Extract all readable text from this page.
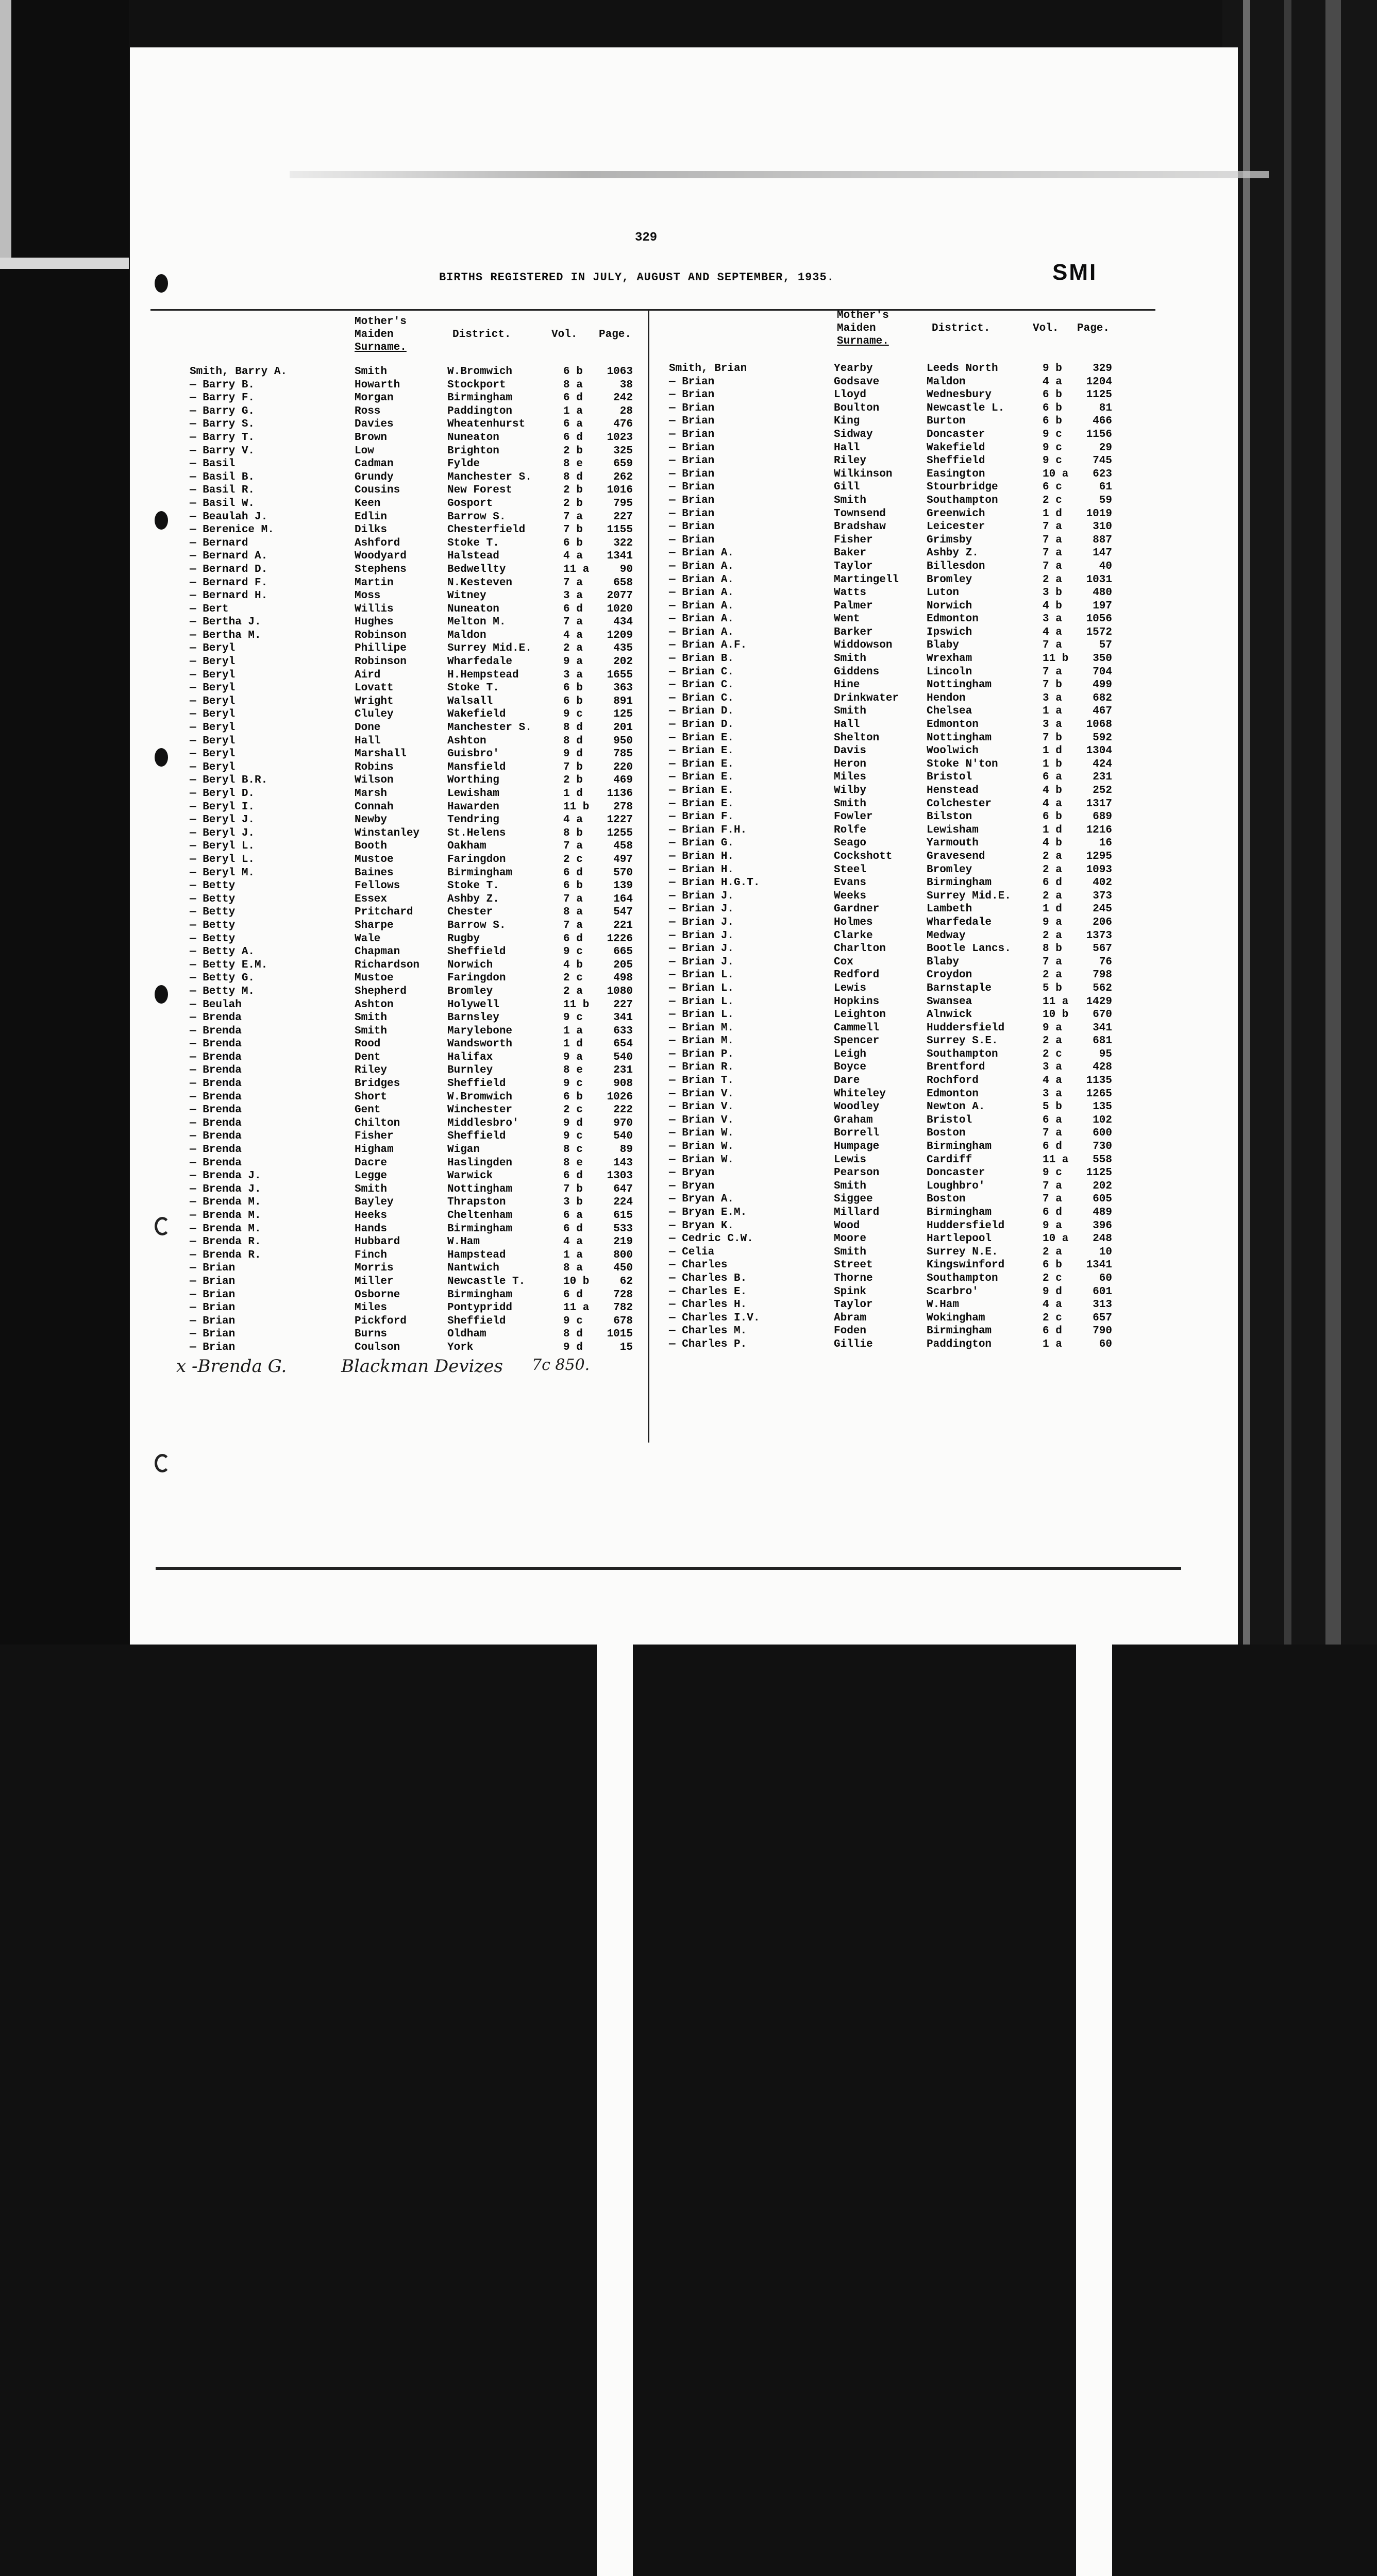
329
BIRTHS REGISTERED IN JULY, AUGUST AND SEPTEMBER, 1935.	SMI
Mother's
Maiden
Surname.
District.	Vol. Page.
Mother's
Maiden
Surname.
District.	Vol. Page.
Smith, Barry A.	Smith	W.Bromwich	6 b	1063
— Barry B.	Howarth	Stockport	8 a	38
— Barry F.	Morgan	Birmingham	6 d	242
— Barry G.	Ross	Paddington	1 a	28
— Barry S.	Davies	Wheatenhurst	6 a	476
— Barry T.	Brown	Nuneaton	6 d	1023
— Barry V.	Low	Brighton	2 b	325
— Basil	Cadman	Fylde	8 e	659
— Basil B.	Grundy	Manchester S.	8 d	262
— Basil R.	Cousins	New Forest	2 b	1016
— Basil W.	Keen	Gosport	2 b	795
— Beaulah J.	Edlin	Barrow S.	7 a	227
— Berenice M.	Dilks	Chesterfield	7 b	1155
— Bernard	Ashford	Stoke T.	6 b	322
— Bernard A.	Woodyard	Halstead	4 a	1341
— Bernard D.	Stephens	Bedwellty	11 a	90
— Bernard F.	Martin	N.Kesteven	7 a	658
— Bernard H.	Moss	Witney	3 a	2077
— Bert	Willis	Nuneaton	6 d	1020
— Bertha J.	Hughes	Melton M.	7 a	434
— Bertha M.	Robinson	Maldon	4 a	1209
— Beryl	Phillipe	Surrey Mid.E.	2 a	435
— Beryl	Robinson	Wharfedale	9 a	202
— Beryl	Aird	H.Hempstead	3 a	1655
— Beryl	Lovatt	Stoke T.	6 b	363
— Beryl	Wright	Walsall	6 b	891
— Beryl	Cluley	Wakefield	9 c	125
— Beryl	Done	Manchester S.	8 d	201
— Beryl	Hall	Ashton	8 d	950
— Beryl	Marshall	Guisbro'	9 d	785
— Beryl	Robins	Mansfield	7 b	220
— Beryl B.R.	Wilson	Worthing	2 b	469
— Beryl D.	Marsh	Lewisham	1 d	1136
— Beryl I.	Connah	Hawarden	11 b	278
— Beryl J.	Newby	Tendring	4 a	1227
— Beryl J.	Winstanley	St.Helens	8 b	1255
— Beryl L.	Booth	Oakham	7 a	458
— Beryl L.	Mustoe	Faringdon	2 c	497
— Beryl M.	Baines	Birmingham	6 d	570
— Betty	Fellows	Stoke T.	6 b	139
— Betty	Essex	Ashby Z.	7 a	164
— Betty	Pritchard	Chester	8 a	547
— Betty	Sharpe	Barrow S.	7 a	221
— Betty	Wale	Rugby	6 d	1226
— Betty A.	Chapman	Sheffield	9 c	665
— Betty E.M.	Richardson	Norwich	4 b	205
— Betty G.	Mustoe	Faringdon	2 c	498
— Betty M.	Shepherd	Bromley	2 a	1080
— Beulah	Ashton	Holywell	11 b	227
— Brenda	Smith	Barnsley	9 c	341
— Brenda	Smith	Marylebone	1 a	633
— Brenda	Rood	Wandsworth	1 d	654
— Brenda	Dent	Halifax	9 a	540
— Brenda	Riley	Burnley	8 e	231
— Brenda	Bridges	Sheffield	9 c	908
— Brenda	Short	W.Bromwich	6 b	1026
— Brenda	Gent	Winchester	2 c	222
— Brenda	Chilton	Middlesbro'	9 d	970
— Brenda	Fisher	Sheffield	9 c	540
— Brenda	Higham	Wigan	8 c	89
— Brenda	Dacre	Haslingden	8 e	143
— Brenda J.	Legge	Warwick	6 d	1303
— Brenda J.	Smith	Nottingham	7 b	647
— Brenda M.	Bayley	Thrapston	3 b	224
— Brenda M.	Heeks	Cheltenham	6 a	615
— Brenda M.	Hands	Birmingham	6 d	533
— Brenda R.	Hubbard	W.Ham	4 a	219
— Brenda R.	Finch	Hampstead	1 a	800
— Brian	Morris	Nantwich	8 a	450
— Brian	Miller	Newcastle T.	10 b	62
— Brian	Osborne	Birmingham	6 d	728
— Brian	Miles	Pontypridd	11 a	782
— Brian	Pickford	Sheffield	9 c	678
— Brian	Burns	Oldham	8 d	1015
— Brian	Coulson	York	9 d	15
Smith, Brian	Yearby	Leeds North	9 b	329
— Brian	Godsave	Maldon	4 a	1204
— Brian	Lloyd	Wednesbury	6 b	1125
— Brian	Boulton	Newcastle L.	6 b	81
— Brian	King	Burton	6 b	466
— Brian	Sidway	Doncaster	9 c	1156
— Brian	Hall	Wakefield	9 c	29
— Brian	Riley	Sheffield	9 c	745
— Brian	Wilkinson	Easington	10 a	623
— Brian	Gill	Stourbridge	6 c	61
— Brian	Smith	Southampton	2 c	59
— Brian	Townsend	Greenwich	1 d	1019
— Brian	Bradshaw	Leicester	7 a	310
— Brian	Fisher	Grimsby	7 a	887
— Brian A.	Baker	Ashby Z.	7 a	147
— Brian A.	Taylor	Billesdon	7 a	40
— Brian A.	Martingell	Bromley	2 a	1031
— Brian A.	Watts	Luton	3 b	480
— Brian A.	Palmer	Norwich	4 b	197
— Brian A.	Went	Edmonton	3 a	1056
— Brian A.	Barker	Ipswich	4 a	1572
— Brian A.F.	Widdowson	Blaby	7 a	57
— Brian B.	Smith	Wrexham	11 b	350
— Brian C.	Giddens	Lincoln	7 a	704
— Brian C.	Hine	Nottingham	7 b	499
— Brian C.	Drinkwater	Hendon	3 a	682
— Brian D.	Smith	Chelsea	1 a	467
— Brian D.	Hall	Edmonton	3 a	1068
— Brian E.	Shelton	Nottingham	7 b	592
— Brian E.	Davis	Woolwich	1 d	1304
— Brian E.	Heron	Stoke N'ton	1 b	424
— Brian E.	Miles	Bristol	6 a	231
— Brian E.	Wilby	Henstead	4 b	252
— Brian E.	Smith	Colchester	4 a	1317
— Brian F.	Fowler	Bilston	6 b	689
— Brian F.H.	Rolfe	Lewisham	1 d	1216
— Brian G.	Seago	Yarmouth	4 b	16
— Brian H.	Cockshott	Gravesend	2 a	1295
— Brian H.	Steel	Bromley	2 a	1093
— Brian H.G.T.	Evans	Birmingham	6 d	402
— Brian J.	Weeks	Surrey Mid.E.	2 a	373
— Brian J.	Gardner	Lambeth	1 d	245
— Brian J.	Holmes	Wharfedale	9 a	206
— Brian J.	Clarke	Medway	2 a	1373
— Brian J.	Charlton	Bootle Lancs.	8 b	567
— Brian J.	Cox	Blaby	7 a	76
— Brian L.	Redford	Croydon	2 a	798
— Brian L.	Lewis	Barnstaple	5 b	562
— Brian L.	Hopkins	Swansea	11 a	1429
— Brian L.	Leighton	Alnwick	10 b	670
— Brian M.	Cammell	Huddersfield	9 a	341
— Brian M.	Spencer	Surrey S.E.	2 a	681
— Brian P.	Leigh	Southampton	2 c	95
— Brian R.	Boyce	Brentford	3 a	428
— Brian T.	Dare	Rochford	4 a	1135
— Brian V.	Whiteley	Edmonton	3 a	1265
— Brian V.	Woodley	Newton A.	5 b	135
— Brian V.	Graham	Bristol	6 a	102
— Brian W.	Borrell	Boston	7 a	600
— Brian W.	Humpage	Birmingham	6 d	730
— Brian W.	Lewis	Cardiff	11 a	558
— Bryan	Pearson	Doncaster	9 c	1125
— Bryan	Smith	Loughbro'	7 a	202
— Bryan A.	Siggee	Boston	7 a	605
— Bryan E.M.	Millard	Birmingham	6 d	489
— Bryan K.	Wood	Huddersfield	9 a	396
— Cedric C.W.	Moore	Hartlepool	10 a	248
— Celia	Smith	Surrey N.E.	2 a	10
— Charles	Street	Kingswinford	6 b	1341
— Charles B.	Thorne	Southampton	2 c	60
— Charles E.	Spink	Scarbro'	9 d	601
— Charles H.	Taylor	W.Ham	4 a	313
— Charles I.V.	Abram	Wokingham	2 c	657
— Charles M.	Foden	Birmingham	6 d	790
— Charles P.	Gillie	Paddington	1 a	60
x -Brenda G.	Blackman Devizes 7c 850.
